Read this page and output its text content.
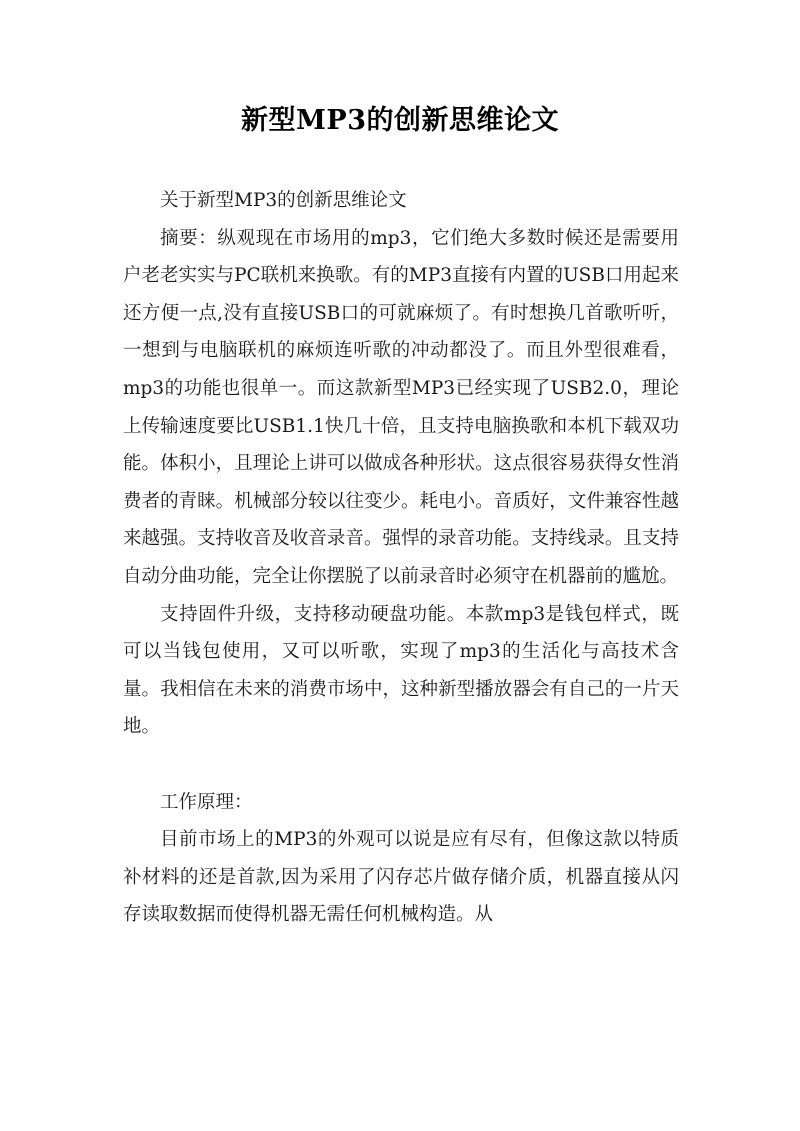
新型MP3的创新思维论文

关于新型MP3的创新思维论文

摘要：纵观现在市场用的mp3，它们绝大多数时候还是需要用户老老实实与PC联机来换歌。有的MP3直接有内置的USB口用起来还方便一点,没有直接USB口的可就麻烦了。有时想换几首歌听听，一想到与电脑联机的麻烦连听歌的冲动都没了。而且外型很难看，mp3的功能也很单一。而这款新型MP3已经实现了USB2.0，理论上传输速度要比USB1.1快几十倍，且支持电脑换歌和本机下载双功能。体积小，且理论上讲可以做成各种形状。这点很容易获得女性消费者的青睐。机械部分较以往变少。耗电小。音质好，文件兼容性越来越强。支持收音及收音录音。强悍的录音功能。支持线录。且支持自动分曲功能，完全让你摆脱了以前录音时必须守在机器前的尴尬。

支持固件升级，支持移动硬盘功能。本款mp3是钱包样式，既可以当钱包使用，又可以听歌，实现了mp3的生活化与高技术含量。我相信在未来的消费市场中，这种新型播放器会有自己的一片天地。

工作原理：

目前市场上的MP3的外观可以说是应有尽有，但像这款以特质补材料的还是首款,因为采用了闪存芯片做存储介质，机器直接从闪存读取数据而使得机器无需任何机械构造。从
